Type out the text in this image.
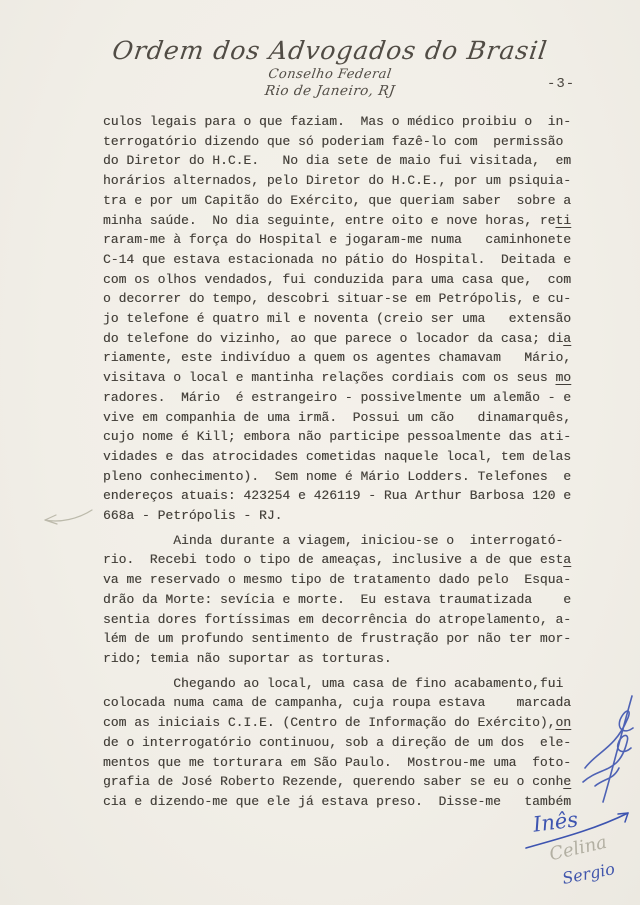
Ordem dos Advogados do Brasil
Conselho Federal
Rio de Janeiro, RJ	-3-
culos legais para o que faziam.  Mas o médico proibiu o  in-
terrogatório dizendo que só poderiam fazê-lo com  permissão
do Diretor do H.C.E.   No dia sete de maio fui visitada,  em
horários alternados, pelo Diretor do H.C.E., por um psiquia-
tra e por um Capitão do Exército, que queriam saber  sobre a
minha saúde.  No dia seguinte, entre oito e nove horas, reti
raram-me à força do Hospital e jogaram-me numa   caminhonete
C-14 que estava estacionada no pátio do Hospital.  Deitada e
com os olhos vendados, fui conduzida para uma casa que,  com
o decorrer do tempo, descobri situar-se em Petrópolis, e cu-
jo telefone é quatro mil e noventa (creio ser uma   extensão
do telefone do vizinho, ao que parece o locador da casa; dia
riamente, este indivíduo a quem os agentes chamavam   Mário,
visitava o local e mantinha relações cordiais com os seus mo
radores.  Mário  é estrangeiro - possivelmente um alemão - e
vive em companhia de uma irmã.  Possui um cão   dinamarquês,
cujo nome é Kill; embora não participe pessoalmente das ati-
vidades e das atrocidades cometidas naquele local, tem delas
pleno conhecimento).  Sem nome é Mário Lodders. Telefones  e
endereços atuais: 423254 e 426119 - Rua Arthur Barbosa 120 e
668a - Petrópolis - RJ.
Ainda durante a viagem, iniciou-se o  interrogató-
rio.  Recebi todo o tipo de ameaças, inclusive a de que esta
va me reservado o mesmo tipo de tratamento dado pelo  Esqua-
drão da Morte: sevícia e morte.  Eu estava traumatizada    e
sentia dores fortíssimas em decorrência do atropelamento, a-
lém de um profundo sentimento de frustração por não ter mor-
rido; temia não suportar as torturas.
Chegando ao local, uma casa de fino acabamento,fui
colocada numa cama de campanha, cuja roupa estava    marcada
com as iniciais C.I.E. (Centro de Informação do Exército),on
de o interrogatório continuou, sob a direção de um dos  ele-
mentos que me torturara em São Paulo.  Mostrou-me uma  foto-
grafia de José Roberto Rezende, querendo saber se eu o conhe
cia e dizendo-me que ele já estava preso.  Disse-me   também
Inês
Celina
Sergio
